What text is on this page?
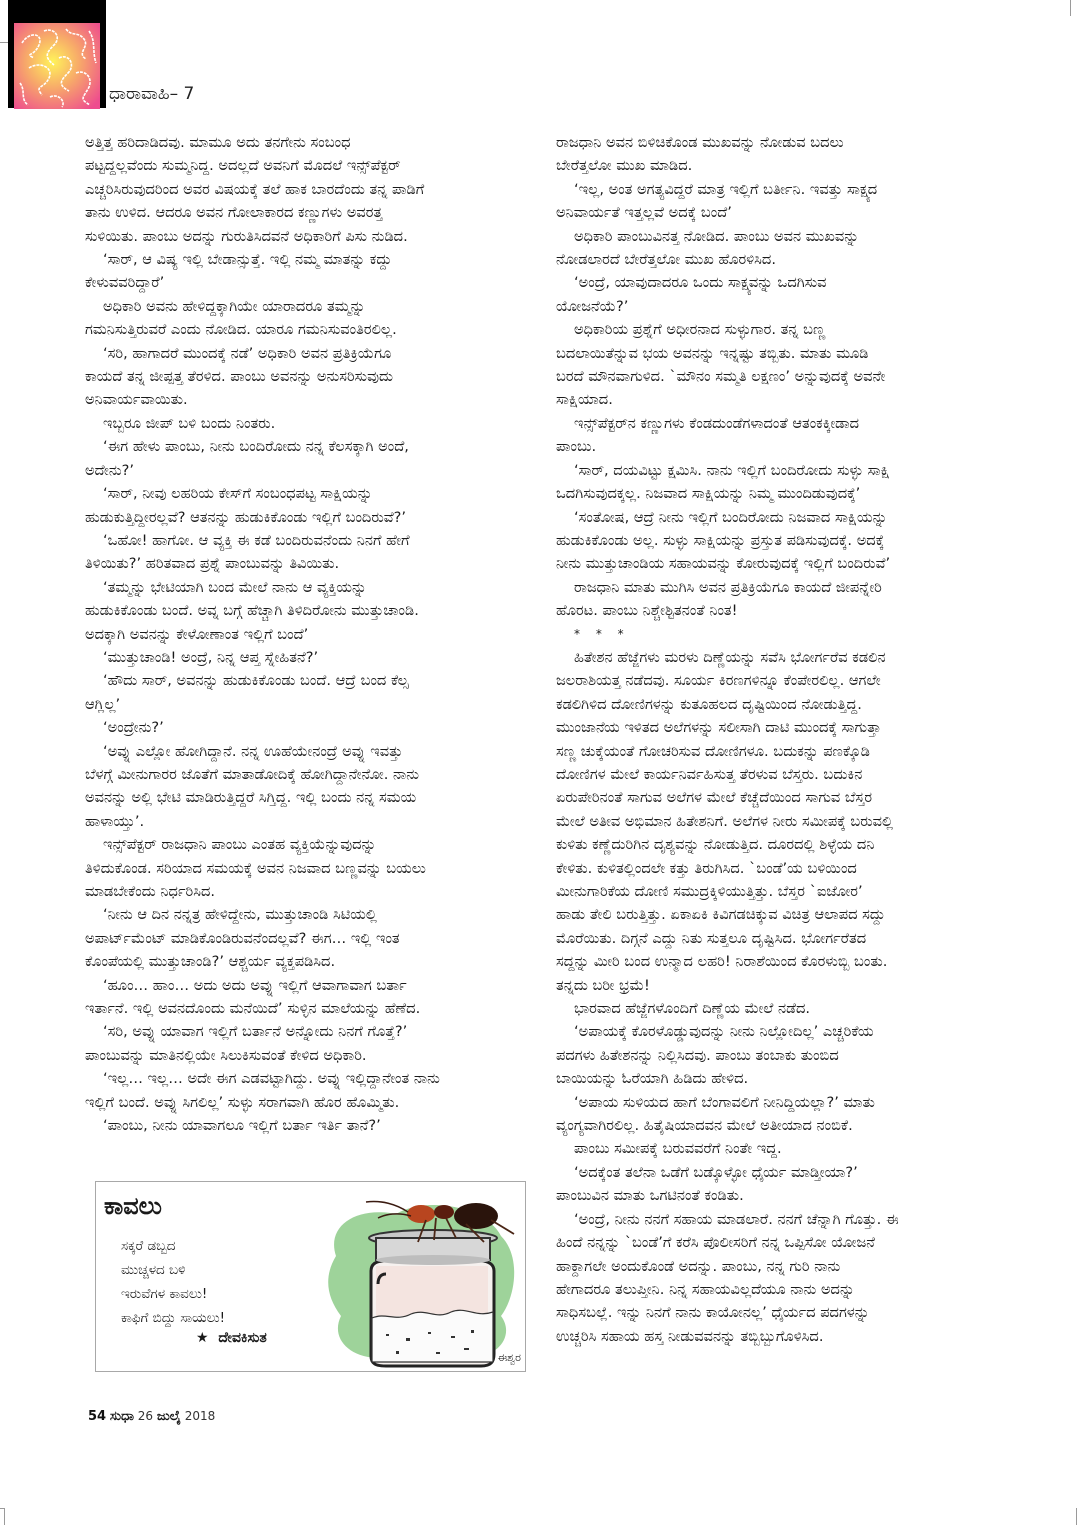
ಧಾರಾವಾಹಿ– 7

ಅತ್ತಿತ್ತ ಹರಿದಾಡಿದವು. ಮಾಮೂ ಅದು ತನಗೇನು ಸಂಬಂಧ

ಪಟ್ಟದ್ದಲ್ಲವೆಂದು ಸುಮ್ಮನಿದ್ದ. ಅದಲ್ಲದೆ ಅವನಿಗೆ ಮೊದಲೆ ಇನ್ಸ್‌ಪೆಕ್ಟರ್

ಎಚ್ಚರಿಸಿರುವುದರಿಂದ ಅವರ ವಿಷಯಕ್ಕೆ ತಲೆ ಹಾಕ ಬಾರದೆಂದು ತನ್ನ ಪಾಡಿಗೆ

ತಾನು ಉಳಿದ. ಆದರೂ ಅವನ ಗೋಲಾಕಾರದ ಕಣ್ಣುಗಳು ಅವರತ್ತ

ಸುಳಿಯಿತು. ಪಾಂಬು ಅದನ್ನು ಗುರುತಿಸಿದವನೆ ಅಧಿಕಾರಿಗೆ ಪಿಸು ನುಡಿದ.

‘ಸಾರ್, ಆ ವಿಷ್ಯ ಇಲ್ಲಿ ಬೇಡಾನ್ಸುತ್ತೆ. ಇಲ್ಲಿ ನಮ್ಮ ಮಾತನ್ನು ಕದ್ದು

ಕೇಳುವವರಿದ್ದಾರೆ’

ಅಧಿಕಾರಿ ಅವನು ಹೇಳಿದ್ದಕ್ಕಾಗಿಯೇ ಯಾರಾದರೂ ತಮ್ಮನ್ನು

ಗಮನಿಸುತ್ತಿರುವರೆ ಎಂದು ನೋಡಿದ. ಯಾರೂ ಗಮನಿಸುವಂತಿರಲಿಲ್ಲ.

‘ಸರಿ, ಹಾಗಾದರೆ ಮುಂದಕ್ಕೆ ನಡೆ’ ಅಧಿಕಾರಿ ಅವನ ಪ್ರತಿಕ್ರಿಯೆಗೂ

ಕಾಯದೆ ತನ್ನ ಜೀಪ್ಪತ್ತ ತೆರಳಿದ. ಪಾಂಬು ಅವನನ್ನು ಅನುಸರಿಸುವುದು

ಅನಿವಾರ್ಯವಾಯಿತು.

ಇಬ್ಬರೂ ಜೀಪ್ ಬಳಿ ಬಂದು ನಿಂತರು.

‘ಈಗ ಹೇಳು ಪಾಂಬು, ನೀನು ಬಂದಿರೋದು ನನ್ನ ಕೆಲಸಕ್ಕಾಗಿ ಅಂದೆ,

ಅದೇನು?’

‘ಸಾರ್, ನೀವು ಲಹರಿಯ ಕೇಸ್‌ಗೆ ಸಂಬಂಧಪಟ್ಟ ಸಾಕ್ಷಿಯನ್ನು

ಹುಡುಕುತ್ತಿದ್ದೀರಲ್ಲವೆ? ಆತನನ್ನು ಹುಡುಕಿಕೊಂಡು ಇಲ್ಲಿಗೆ ಬಂದಿರುವೆ?’

‘ಒಹೋ! ಹಾಗೋ. ಆ ವ್ಯಕ್ತಿ ಈ ಕಡೆ ಬಂದಿರುವನೆಂದು ನಿನಗೆ ಹೇಗೆ

ತಿಳಿಯಿತು?’ ಹರಿತವಾದ ಪ್ರಶ್ನೆ ಪಾಂಬುವನ್ನು ತಿವಿಯಿತು.

‘ತಮ್ಮನ್ನು ಭೇಟಿಯಾಗಿ ಬಂದ ಮೇಲೆ ನಾನು ಆ ವ್ಯಕ್ತಿಯನ್ನು

ಹುಡುಕಿಕೊಂಡು ಬಂದೆ. ಅವ್ನ ಬಗ್ಗೆ ಹೆಚ್ಚಾಗಿ ತಿಳಿದಿರೋನು ಮುತ್ತುಚಾಂಡಿ.

ಅದಕ್ಕಾಗಿ ಅವನನ್ನು ಕೇಳೋಣಾಂತ ಇಲ್ಲಿಗೆ ಬಂದೆ’

‘ಮುತ್ತುಚಾಂಡಿ! ಅಂದ್ರೆ, ನಿನ್ನ ಆಪ್ತ ಸ್ನೇಹಿತನೆ?’

‘ಹೌದು ಸಾರ್, ಅವನನ್ನು ಹುಡುಕಿಕೊಂಡು ಬಂದೆ. ಆದ್ರೆ ಬಂದ ಕೆಲ್ಸ

ಆಗ್ಲಿಲ್ಲ’

‘ಅಂದ್ರೇನು?’

‘ಅವ್ನು ಎಲ್ಲೋ ಹೋಗಿದ್ದಾನೆ. ನನ್ನ ಊಹೆಯೇನಂದ್ರೆ ಅವ್ನು ಇವತ್ತು

ಬೆಳಗ್ಗೆ ಮೀನುಗಾರರ ಜೊತೆಗೆ ಮಾತಾಡೋದಿಕ್ಕೆ ಹೋಗಿದ್ದಾನೇನೋ. ನಾನು

ಅವನನ್ನು ಅಲ್ಲಿ ಭೇಟಿ ಮಾಡಿರುತ್ತಿದ್ದರೆ ಸಿಗ್ತಿದ್ದ. ಇಲ್ಲಿ ಬಂದು ನನ್ನ ಸಮಯ

ಹಾಳಾಯ್ತು’.

ಇನ್ಸ್‌ಪೆಕ್ಟರ್ ರಾಜಧಾನಿ ಪಾಂಬು ಎಂತಹ ವ್ಯಕ್ತಿಯೆನ್ನುವುದನ್ನು

ತಿಳಿದುಕೊಂಡ. ಸರಿಯಾದ ಸಮಯಕ್ಕೆ ಅವನ ನಿಜವಾದ ಬಣ್ಣವನ್ನು ಬಯಲು

ಮಾಡಬೇಕೆಂದು ನಿರ್ಧರಿಸಿದ.

‘ನೀನು ಆ ದಿನ ನನ್ನತ್ರ ಹೇಳಿದ್ದೇನು, ಮುತ್ತುಚಾಂಡಿ ಸಿಟಿಯಲ್ಲಿ

ಅಪಾರ್ಟ್‌ಮೆಂಟ್ ಮಾಡಿಕೊಂಡಿರುವನೆಂದಲ್ಲವೆ? ಈಗ… ಇಲ್ಲಿ ಇಂತ

ಕೊಂಪೆಯಲ್ಲಿ ಮುತ್ತುಚಾಂಡಿ?’ ಆಶ್ಚರ್ಯ ವ್ಯಕ್ತಪಡಿಸಿದ.

‘ಹೂಂ… ಹಾಂ… ಅದು ಅದು ಅವ್ನು ಇಲ್ಲಿಗೆ ಆವಾಗಾವಾಗ ಬರ್ತಾ

ಇರ್ತಾನೆ. ಇಲ್ಲಿ ಅವನದೊಂದು ಮನೆಯಿದೆ’ ಸುಳ್ಳಿನ ಮಾಲೆಯನ್ನು ಹೆಣೆದ.

‘ಸರಿ, ಅವ್ನು ಯಾವಾಗ ಇಲ್ಲಿಗೆ ಬರ್ತಾನೆ ಅನ್ನೋದು ನಿನಗೆ ಗೊತ್ತೆ?’

ಪಾಂಬುವನ್ನು ಮಾತಿನಲ್ಲಿಯೇ ಸಿಲುಕಿಸುವಂತೆ ಕೇಳಿದ ಅಧಿಕಾರಿ.

‘ಇಲ್ಲ… ಇಲ್ಲ… ಅದೇ ಈಗ ಎಡವಟ್ಟಾಗಿದ್ದು. ಅವ್ನು ಇಲ್ಲಿದ್ದಾನೇಂತ ನಾನು

ಇಲ್ಲಿಗೆ ಬಂದೆ. ಅವ್ನು ಸಿಗಲಿಲ್ಲ’ ಸುಳ್ಳು ಸರಾಗವಾಗಿ ಹೊರ ಹೊಮ್ಮಿತು.

‘ಪಾಂಬು, ನೀನು ಯಾವಾಗಲೂ ಇಲ್ಲಿಗೆ ಬರ್ತಾ ಇರ್ತಿ ತಾನೆ?’

ರಾಜಧಾನಿ ಅವನ ಬಿಳಿಚಿಕೊಂಡ ಮುಖವನ್ನು ನೋಡುವ ಬದಲು

ಬೇರೆತ್ತಲೋ ಮುಖ ಮಾಡಿದ.

‘ಇಲ್ಲ, ಅಂತ ಅಗತ್ಯವಿದ್ದರೆ ಮಾತ್ರ ಇಲ್ಲಿಗೆ ಬರ್ತೀನಿ. ಇವತ್ತು ಸಾಕ್ಷ್ಯದ

ಅನಿವಾರ್ಯತೆ ಇತ್ತಲ್ಲವೆ ಅದಕ್ಕೆ ಬಂದೆ’

ಅಧಿಕಾರಿ ಪಾಂಬುವಿನತ್ತ ನೋಡಿದ. ಪಾಂಬು ಅವನ ಮುಖವನ್ನು

ನೋಡಲಾರದೆ ಬೇರೆತ್ತಲೋ ಮುಖ ಹೊರಳಿಸಿದ.

‘ಅಂದ್ರೆ, ಯಾವುದಾದರೂ ಒಂದು ಸಾಕ್ಷ್ಯವನ್ನು ಒದಗಿಸುವ

ಯೋಜನೆಯೆ?’

ಅಧಿಕಾರಿಯ ಪ್ರಶ್ನೆಗೆ ಅಧೀರನಾದ ಸುಳ್ಳುಗಾರ. ತನ್ನ ಬಣ್ಣ

ಬದಲಾಯಿತೆನ್ನುವ ಭಯ ಅವನನ್ನು ಇನ್ನಷ್ಟು ತಬ್ಬಿತು. ಮಾತು ಮೂಡಿ

ಬರದೆ ಮೌನವಾಗುಳಿದ. `ಮೌನಂ ಸಮ್ಮತಿ ಲಕ್ಷಣಂ’ ಅನ್ನುವುದಕ್ಕೆ ಅವನೇ

ಸಾಕ್ಷಿಯಾದ.

ಇನ್ಸ್‌ಪೆಕ್ಟರ್‌ನ ಕಣ್ಣುಗಳು ಕೆಂಡದುಂಡೆಗಳಾದಂತೆ ಆತಂಕಕ್ಕೀಡಾದ

ಪಾಂಬು.

‘ಸಾರ್, ದಯವಿಟ್ಟು ಕ್ಷಮಿಸಿ. ನಾನು ಇಲ್ಲಿಗೆ ಬಂದಿರೋದು ಸುಳ್ಳು ಸಾಕ್ಷಿ

ಒದಗಿಸುವುದಕ್ಕಲ್ಲ. ನಿಜವಾದ ಸಾಕ್ಷಿಯನ್ನು ನಿಮ್ಮ ಮುಂದಿಡುವುದಕ್ಕೆ’

‘ಸಂತೋಷ, ಆದ್ರೆ ನೀನು ಇಲ್ಲಿಗೆ ಬಂದಿರೋದು ನಿಜವಾದ ಸಾಕ್ಷಿಯನ್ನು

ಹುಡುಕಿಕೊಂಡು ಅಲ್ಲ. ಸುಳ್ಳು ಸಾಕ್ಷಿಯನ್ನು ಪ್ರಸ್ತುತ ಪಡಿಸುವುದಕ್ಕೆ. ಅದಕ್ಕೆ

ನೀನು ಮುತ್ತುಚಾಂಡಿಯ ಸಹಾಯವನ್ನು ಕೋರುವುದಕ್ಕೆ ಇಲ್ಲಿಗೆ ಬಂದಿರುವೆ’

ರಾಜಧಾನಿ ಮಾತು ಮುಗಿಸಿ ಅವನ ಪ್ರತಿಕ್ರಿಯೆಗೂ ಕಾಯದೆ ಜೀಪನ್ನೇರಿ

ಹೊರಟ. ಪಾಂಬು ನಿಶ್ಚೇಶ್ಟಿತನಂತೆ ನಿಂತ!

* * *

ಹಿತೇಶನ ಹೆಜ್ಜೆಗಳು ಮರಳು ದಿಣ್ಣೆಯನ್ನು ಸವೆಸಿ ಭೋರ್ಗರೆವ ಕಡಲಿನ

ಜಲರಾಶಿಯತ್ತ ನಡೆದವು. ಸೂರ್ಯ ಕಿರಣಗಳಿನ್ನೂ ಕೆಂಪೇರಲಿಲ್ಲ. ಆಗಲೇ

ಕಡಲಿಗಿಳಿದ ದೋಣಿಗಳನ್ನು ಕುತೂಹಲದ ದೃಷ್ಟಿಯಿಂದ ನೋಡುತ್ತಿದ್ದ.

ಮುಂಜಾನೆಯ ಇಳಿತದ ಅಲೆಗಳನ್ನು ಸಲೀಸಾಗಿ ದಾಟಿ ಮುಂದಕ್ಕೆ ಸಾಗುತ್ತಾ

ಸಣ್ಣ ಚುಕ್ಕೆಯಂತೆ ಗೋಚರಿಸುವ ದೋಣಿಗಳೂ. ಬದುಕನ್ನು ಪಣಕ್ಕೊಡಿ

ದೋಣಿಗಳ ಮೇಲೆ ಕಾರ್ಯನಿರ್ವಹಿಸುತ್ತ ತೆರಳುವ ಬೆಸ್ತರು. ಬದುಕಿನ

ಏರುಪೇರಿನಂತೆ ಸಾಗುವ ಅಲೆಗಳ ಮೇಲೆ ಕೆಚ್ಚೆದೆಯಿಂದ ಸಾಗುವ ಬೆಸ್ತರ

ಮೇಲೆ ಅತೀವ ಅಭಿಮಾನ ಹಿತೇಶನಿಗೆ. ಅಲೆಗಳ ನೀರು ಸಮೀಪಕ್ಕೆ ಬರುವಲ್ಲಿ

ಕುಳಿತು ಕಣ್ಣೆದುರಿಗಿನ ದೃಶ್ಯವನ್ನು ನೋಡುತ್ತಿದ. ದೂರದಲ್ಲಿ ಶಿಳ್ಳೆಯ ದನಿ

ಕೇಳಿತು. ಕುಳಿತಲ್ಲಿಂದಲೇ ಕತ್ತು ತಿರುಗಿಸಿದ. `ಬಂಡೆ’ಯ ಬಳಿಯಿಂದ

ಮೀನುಗಾರಿಕೆಯ ದೋಣಿ ಸಮುದ್ರಕ್ಕಿಳಿಯುತ್ತಿತ್ತು. ಬೆಸ್ತರ `ಐಜೋರ’

ಹಾಡು ತೇಲಿ ಬರುತ್ತಿತ್ತು. ಏಕಾಏಕಿ ಕಿವಿಗಡಚಿಕ್ಕುವ ವಿಚಿತ್ರ ಆಲಾಪದ ಸದ್ದು

ಮೊರೆಯಿತು. ದಿಗ್ಗನೆ ಎದ್ದು ನಿತು ಸುತ್ತಲೂ ದೃಷ್ಟಿಸಿದ. ಭೋರ್ಗರೆತದ

ಸದ್ದನ್ನು ಮೀರಿ ಬಂದ ಉನ್ಮಾದ ಲಹರಿ! ನಿರಾಶೆಯಿಂದ ಕೊರಳುಬ್ಬಿ ಬಂತು.

ತನ್ನದು ಬರೀ ಭ್ರಮೆ!

ಭಾರವಾದ ಹೆಜ್ಜೆಗಳೊಂದಿಗೆ ದಿಣ್ಣೆಯ ಮೇಲೆ ನಡೆದ.

‘ಅಪಾಯಕ್ಕೆ ಕೊರಳೊಡ್ಡುವುದನ್ನು ನೀನು ನಿಲ್ಲೋದಿಲ್ಲ’ ಎಚ್ಚರಿಕೆಯ

ಪದಗಳು ಹಿತೇಶನನ್ನು ನಿಲ್ಲಿಸಿದವು. ಪಾಂಬು ತಂಬಾಕು ತುಂಬಿದ

ಬಾಯಿಯನ್ನು ಓರೆಯಾಗಿ ಹಿಡಿದು ಹೇಳಿದ.

‘ಅಪಾಯ ಸುಳಿಯದ ಹಾಗೆ ಬೆಂಗಾವಲಿಗೆ ನೀನಿದ್ದಿಯಲ್ಲಾ?’ ಮಾತು

ವ್ಯಂಗ್ಯವಾಗಿರಲಿಲ್ಲ. ಹಿತೈಷಿಯಾದವನ ಮೇಲೆ ಅತೀಯಾದ ನಂಬಿಕೆ.

ಪಾಂಬು ಸಮೀಪಕ್ಕೆ ಬರುವವರೆಗೆ ನಿಂತೇ ಇದ್ದ.

‘ಅದಕ್ಕೆಂತ ತಲೆನಾ ಒಡೆಗೆ ಬಡ್ಕೊಳ್ಳೋ ಧೈರ್ಯ ಮಾಡ್ತೀಯಾ?’

ಪಾಂಬುವಿನ ಮಾತು ಒಗಟಿನಂತೆ ಕಂಡಿತು.

‘ಅಂದ್ರೆ, ನೀನು ನನಗೆ ಸಹಾಯ ಮಾಡಲಾರೆ. ನನಗೆ ಚೆನ್ನಾಗಿ ಗೊತ್ತು. ಈ

ಹಿಂದೆ ನನ್ನನ್ನು `ಬಂಡೆ’ಗೆ ಕರೆಸಿ ಪೊಲೀಸರಿಗೆ ನನ್ನ ಒಪ್ಪಿಸೋ ಯೋಜನೆ

ಹಾಕ್ದಾಗಲೇ ಅಂದುಕೊಂಡೆ ಅದನ್ನು. ಪಾಂಬು, ನನ್ನ ಗುರಿ ನಾನು

ಹೇಗಾದರೂ ತಲುಪ್ತೀನಿ. ನಿನ್ನ ಸಹಾಯವಿಲ್ಲದೆಯೂ ನಾನು ಅದನ್ನು

ಸಾಧಿಸಬಲ್ಲೆ. ಇನ್ನು ನಿನಗೆ ನಾನು ಕಾಯೋನಲ್ಲ’ ಧೈರ್ಯದ ಪದಗಳನ್ನು

ಉಚ್ಚರಿಸಿ ಸಹಾಯ ಹಸ್ತ ನೀಡುವವನನ್ನು ತಬ್ಬಿಬ್ಬುಗೊಳಿಸಿದ.

ಕಾವಲು

ಸಕ್ಕರೆ ಡಬ್ಬದ

ಮುಚ್ಚಳದ ಬಳಿ

ಇರುವೆಗಳ ಕಾವಲು!

ಕಾಫಿಗೆ ಬಿದ್ದು ಸಾಯಲು!

★ ದೇವಕಿಸುತ
ಈಶ್ವರ
54 ಸುಧಾ 26 ಜುಲೈ 2018
